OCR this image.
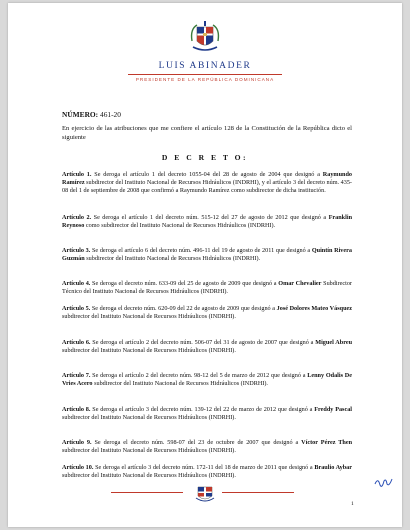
LUIS ABINADER
PRESIDENTE DE LA REPÚBLICA DOMINICANA
NÚMERO: 461-20
En ejercicio de las atribuciones que me confiere el artículo 128 de la Constitución de la República dicto el siguiente
D E C R E T O:
Artículo 1. Se deroga el artículo 1 del decreto 1055-04 del 28 de agosto de 2004 que designó a Raymundo Ramírez subdirector del Instituto Nacional de Recursos Hidráulicos (INDRHI), y el artículo 3 del decreto núm. 435-08 del 1 de septiembre de 2008 que confirmó a Raymundo Ramírez como subdirector de dicha institución.
Artículo 2. Se deroga el artículo 1 del decreto núm. 515-12 del 27 de agosto de 2012 que designó a Franklin Reynoso como subdirector del Instituto Nacional de Recursos Hidráulicos (INDRHI).
Artículo 3. Se deroga el artículo 6 del decreto núm. 496-11 del 19 de agosto de 2011 que designó a Quintín Rivera Guzmán subdirector del Instituto Nacional de Recursos Hidráulicos (INDRHI).
Artículo 4. Se deroga el decreto núm. 633-09 del 25 de agosto de 2009 que designó a Omar Chevalier Subdirector Técnico del Instituto Nacional de Recursos Hidráulicos (INDRHI).
Artículo 5. Se deroga el decreto núm. 620-09 del 22 de agosto de 2009 que designó a José Dolores Mateo Vásquez subdirector del Instituto Nacional de Recursos Hidráulicos (INDRHI).
Artículo 6. Se deroga el artículo 2 del decreto núm. 506-07 del 31 de agosto de 2007 que designó a Miguel Abreu subdirector del Instituto Nacional de Recursos Hidráulicos (INDRHI).
Artículo 7. Se deroga el artículo 2 del decreto núm. 98-12 del 5 de marzo de 2012 que designó a Lenny Odalis De Vries Acero subdirector del Instituto Nacional de Recursos Hidráulicos (INDRHI).
Artículo 8. Se deroga el artículo 3 del decreto núm. 139-12 del 22 de marzo de 2012 que designó a Freddy Pascal subdirector del Instituto Nacional de Recursos Hidráulicos (INDRHI).
Artículo 9. Se deroga el decreto núm. 598-07 del 23 de octubre de 2007 que designó a Víctor Pérez Then subdirector del Instituto Nacional de Recursos Hidráulicos (INDRHI).
Artículo 10. Se deroga el artículo 3 del decreto núm. 172-11 del 18 de marzo de 2011 que designó a Braulio Aybar subdirector del Instituto Nacional de Recursos Hidráulicos (INDRHI).
1
